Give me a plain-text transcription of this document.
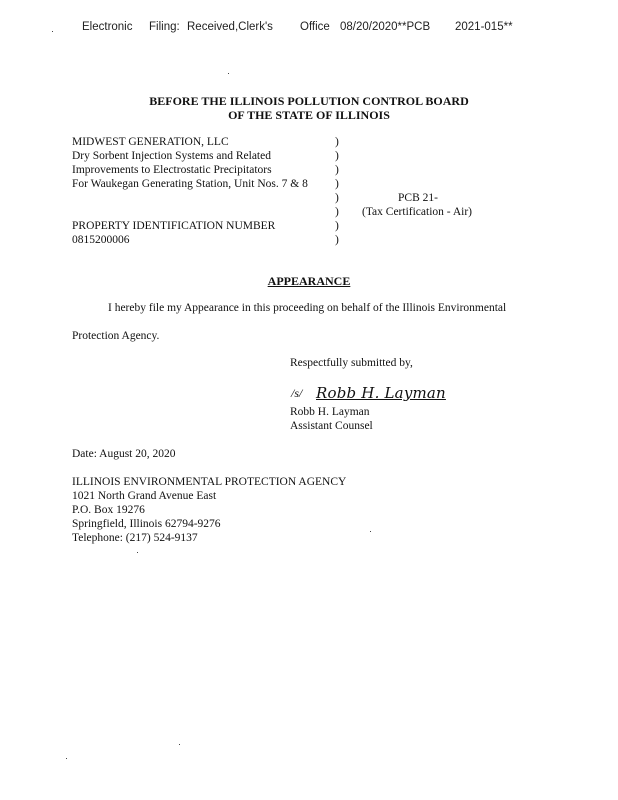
Electronic Filing: Received,Clerk's Office 08/20/2020**PCB 2021-015**
BEFORE THE ILLINOIS POLLUTION CONTROL BOARD
OF THE STATE OF ILLINOIS
MIDWEST GENERATION, LLC
Dry Sorbent Injection Systems and Related
Improvements to Electrostatic Precipitators
For Waukegan Generating Station, Unit Nos. 7 & 8
PROPERTY IDENTIFICATION NUMBER
0815200006
)
)
)
)
)
)
)
)
PCB 21-
(Tax Certification - Air)
APPEARANCE
I hereby file my Appearance in this proceeding on behalf of the Illinois Environmental
Protection Agency.
Respectfully submitted by,
/s/ Robb H. Layman
Robb H. Layman
Assistant Counsel
Date: August 20, 2020
ILLINOIS ENVIRONMENTAL PROTECTION AGENCY
1021 North Grand Avenue East
P.O. Box 19276
Springfield, Illinois 62794-9276
Telephone: (217) 524-9137
